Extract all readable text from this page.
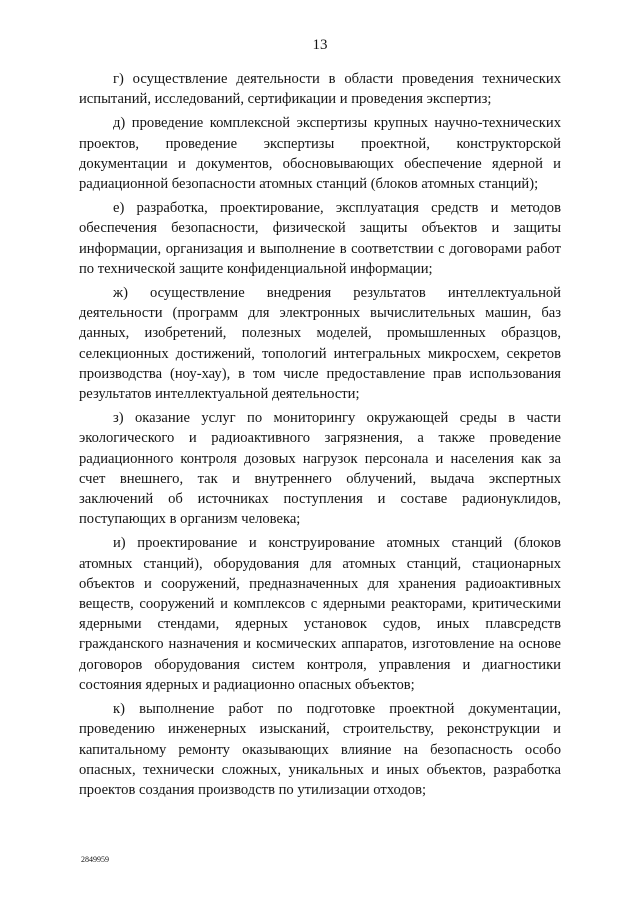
13

г) осуществление деятельности в области проведения технических испытаний, исследований, сертификации и проведения экспертиз;

д) проведение комплексной экспертизы крупных научно-технических проектов, проведение экспертизы проектной, конструкторской документации и документов, обосновывающих обеспечение ядерной и радиационной безопасности атомных станций (блоков атомных станций);

е) разработка, проектирование, эксплуатация средств и методов обеспечения безопасности, физической защиты объектов и защиты информации, организация и выполнение в соответствии с договорами работ по технической защите конфиденциальной информации;

ж) осуществление внедрения результатов интеллектуальной деятельности (программ для электронных вычислительных машин, баз данных, изобретений, полезных моделей, промышленных образцов, селекционных достижений, топологий интегральных микросхем, секретов производства (ноу-хау), в том числе предоставление прав использования результатов интеллектуальной деятельности;

з) оказание услуг по мониторингу окружающей среды в части экологического и радиоактивного загрязнения, а также проведение радиационного контроля дозовых нагрузок персонала и населения как за счет внешнего, так и внутреннего облучений, выдача экспертных заключений об источниках поступления и составе радионуклидов, поступающих в организм человека;

и) проектирование и конструирование атомных станций (блоков атомных станций), оборудования для атомных станций, стационарных объектов и сооружений, предназначенных для хранения радиоактивных веществ, сооружений и комплексов с ядерными реакторами, критическими ядерными стендами, ядерных установок судов, иных плавсредств гражданского назначения и космических аппаратов, изготовление на основе договоров оборудования систем контроля, управления и диагностики состояния ядерных и радиационно опасных объектов;

к) выполнение работ по подготовке проектной документации, проведению инженерных изысканий, строительству, реконструкции и капитальному ремонту оказывающих влияние на безопасность особо опасных, технически сложных, уникальных и иных объектов, разработка проектов создания производств по утилизации отходов;

2849959
